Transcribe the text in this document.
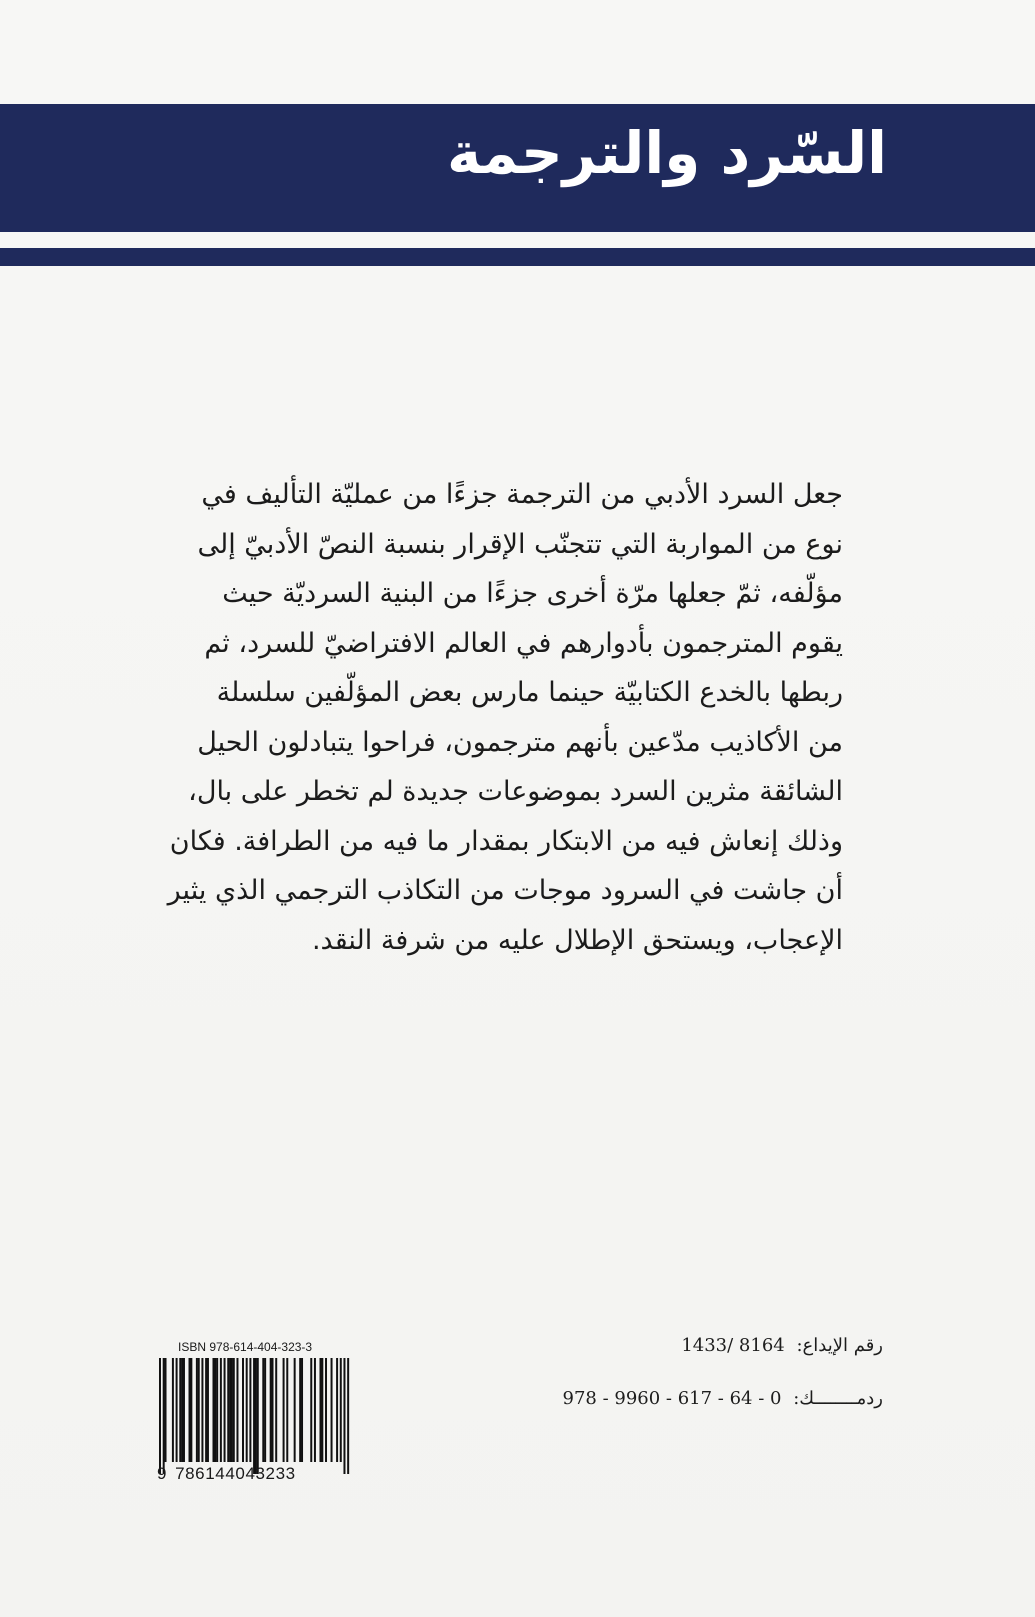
السّرد والترجمة
جعل السرد الأدبي من الترجمة جزءًا من عمليّة التأليف في
نوع من المواربة التي تتجنّب الإقرار بنسبة النصّ الأدبيّ إلى
مؤلّفه، ثمّ جعلها مرّة أخرى جزءًا من البنية السرديّة حيث
يقوم المترجمون بأدوارهم في العالم الافتراضيّ للسرد، ثم
ربطها بالخدع الكتابيّة حينما مارس بعض المؤلّفين سلسلة
من الأكاذيب مدّعين بأنهم مترجمون، فراحوا يتبادلون الحيل
الشائقة مثرين السرد بموضوعات جديدة لم تخطر على بال،
وذلك إنعاش فيه من الابتكار بمقدار ما فيه من الطرافة. فكان
أن جاشت في السرود موجات من التكاذب الترجمي الذي يثير
الإعجاب، ويستحق الإطلال عليه من شرفة النقد.
ISBN 978-614-404-323-3
9 786144043233
رقم الإيداع: 1433/ 8164
ردمــــــــك: 978 - 9960 - 617 - 64 - 0
